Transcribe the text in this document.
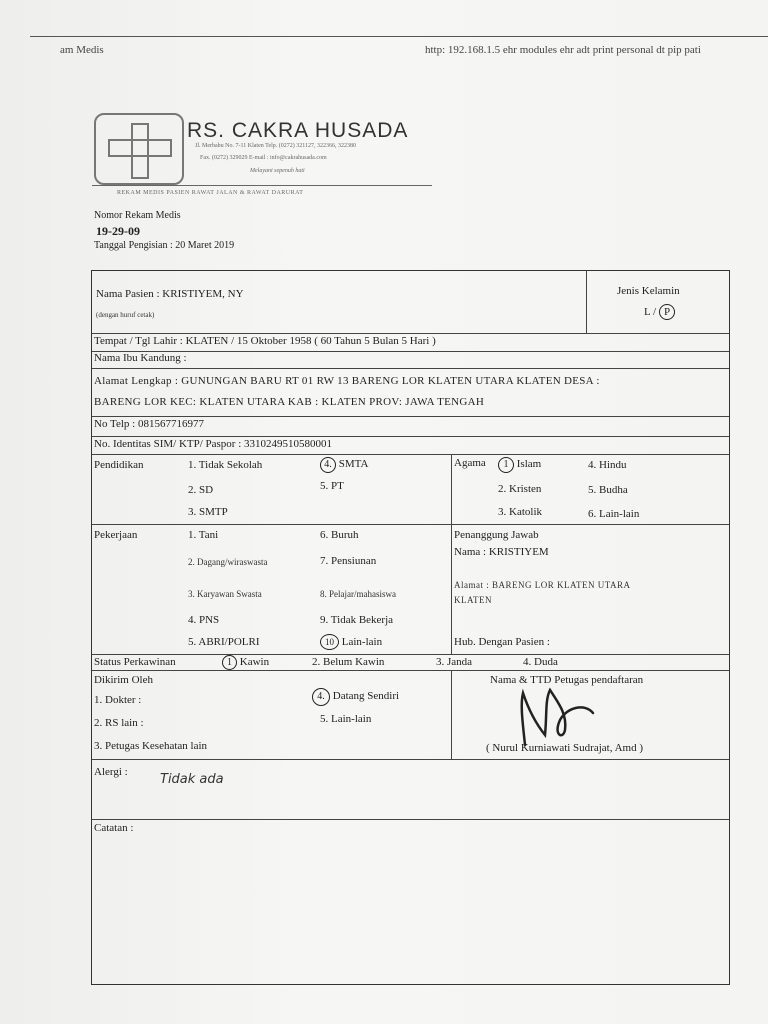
am Medis	http: 192.168.1.5 ehr modules ehr adt print personal dt pip pati
RS. CAKRA HUSADA
Jl. Merbabu No. 7-11 Klaten Telp. (0272) 321127, 322366, 322380
Fax. (0272) 329029 E-mail : info@cakrahusada.com
Melayani sepenuh hati
REKAM MEDIS PASIEN RAWAT JALAN & RAWAT DARURAT
Nomor Rekam Medis
19-29-09
Tanggal Pengisian : 20 Maret 2019
Nama Pasien : KRISTIYEM, NY
(dengan huruf cetak)
Jenis Kelamin
L / P
Tempat / Tgl Lahir : KLATEN / 15 Oktober 1958 ( 60 Tahun 5 Bulan 5 Hari )
Nama Ibu Kandung :
Alamat Lengkap : GUNUNGAN BARU RT 01 RW 13 BARENG LOR KLATEN UTARA KLATEN DESA :
BARENG LOR KEC: KLATEN UTARA KAB : KLATEN PROV: JAWA TENGAH
No Telp : 081567716977
No. Identitas SIM/ KTP/ Paspor : 3310249510580001
Pendidikan	1. Tidak Sekolah
2. SD
3. SMTP
4. SMTA
5. PT
Agama	1 Islam
2. Kristen
3. Katolik
4. Hindu
5. Budha
6. Lain-lain
Pekerjaan	1. Tani
2. Dagang/wiraswasta
3. Karyawan Swasta
4. PNS
5. ABRI/POLRI
6. Buruh
7. Pensiunan
8. Pelajar/mahasiswa
9. Tidak Bekerja
10 Lain-lain
Penanggung Jawab
Nama : KRISTIYEM
Alamat : BARENG LOR KLATEN UTARA
KLATEN
Hub. Dengan Pasien :
Status Perkawinan	1 Kawin	2. Belum Kawin	3. Janda	4. Duda
Dikirim Oleh
1. Dokter :
2. RS lain :
3. Petugas Kesehatan lain
4. Datang Sendiri
5. Lain-lain
Nama & TTD Petugas pendaftaran
( Nurul Kurniawati Sudrajat, Amd )
Alergi : Tidak ada
Catatan :
